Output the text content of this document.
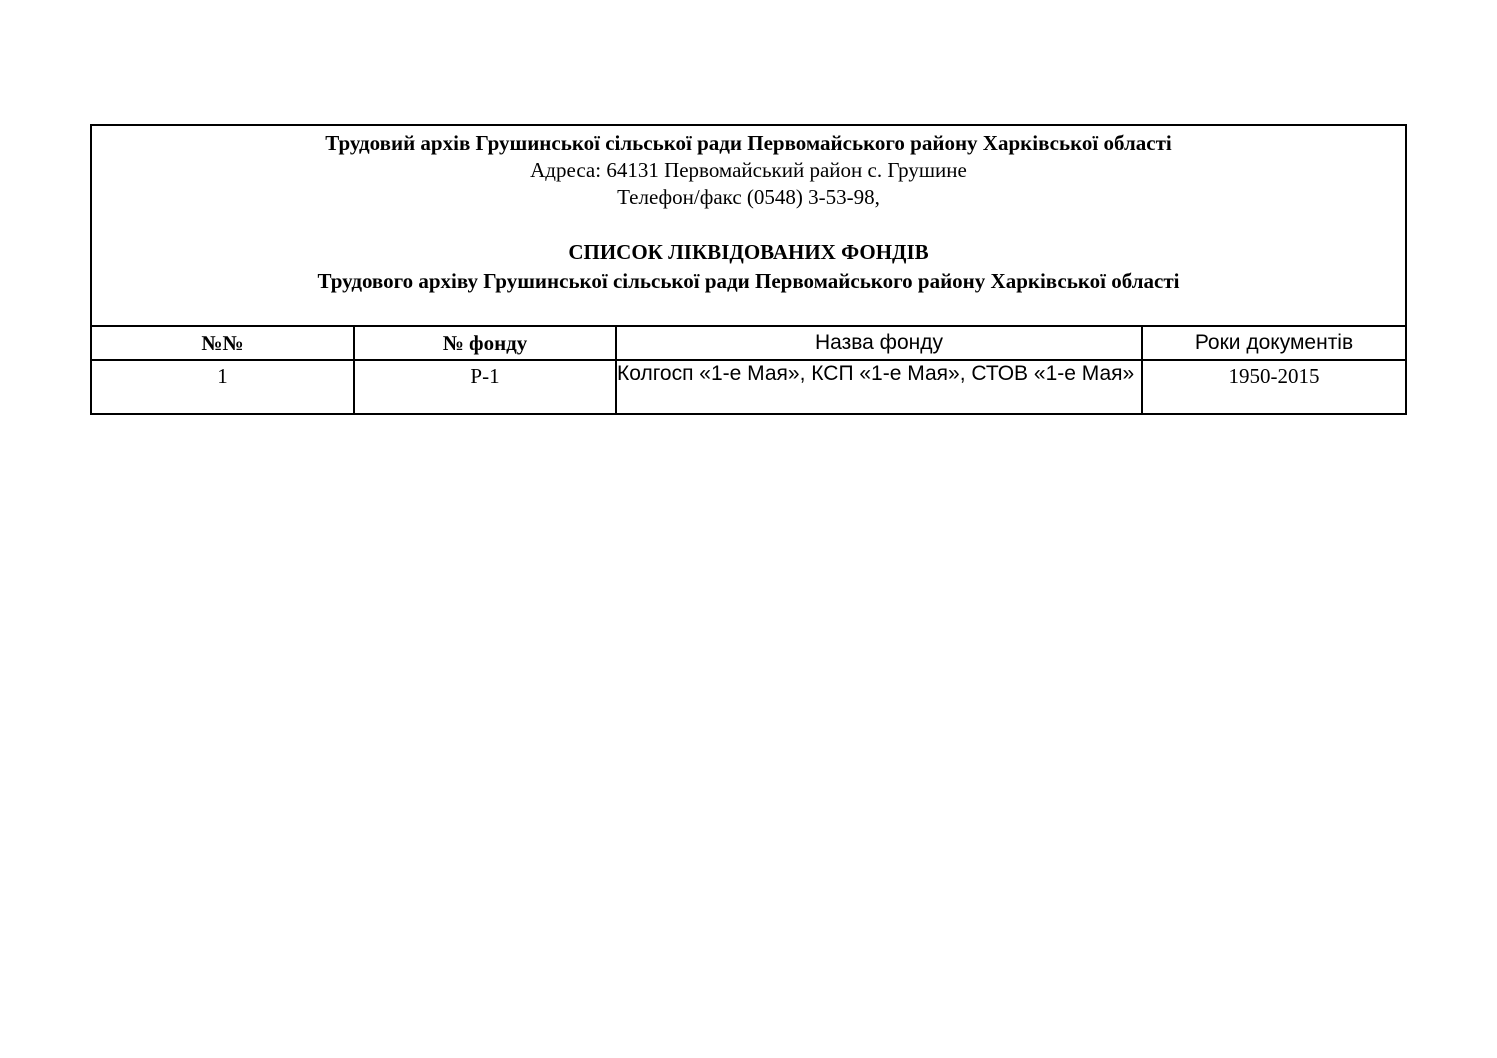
Трудовий архів Грушинської сільської ради Первомайського району Харківської області
Адреса: 64131 Первомайський район с. Грушине
Телефон/факс (0548) 3-53-98,
СПИСОК ЛІКВІДОВАНИХ ФОНДІВ
Трудового архіву Грушинської сільської ради Первомайського району Харківської області
№№	№ фонду	Назва фонду	Роки документів
1	Р-1	Колгосп «1-е Мая», КСП «1-е Мая», СТОВ «1-е Мая»	1950-2015
